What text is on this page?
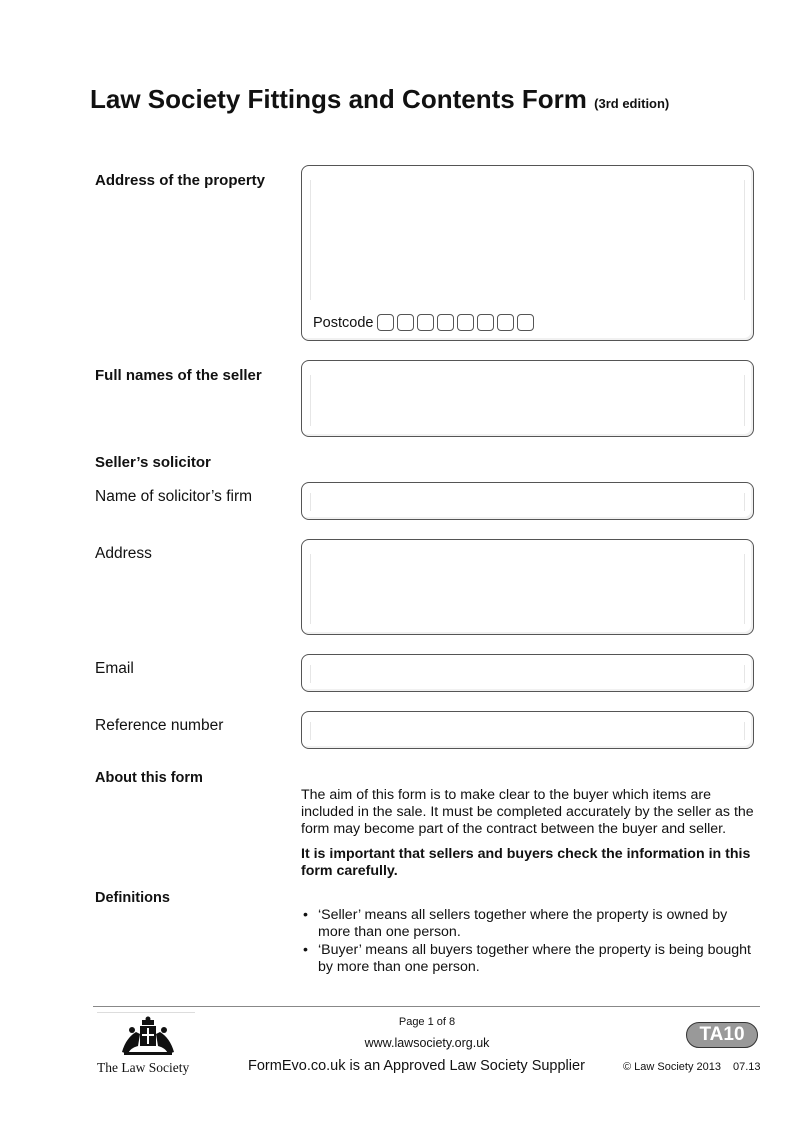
Law Society Fittings and Contents Form (3rd edition)
Address of the property
Postcode
Full names of the seller
Seller’s solicitor
Name of solicitor’s firm
Address
Email
Reference number
About this form
The aim of this form is to make clear to the buyer which items are included in the sale. It must be completed accurately by the seller as the form may become part of the contract between the buyer and seller.
It is important that sellers and buyers check the information in this form carefully.
Definitions
• ‘Seller’ means all sellers together where the property is owned by more than one person.
• ‘Buyer’ means all buyers together where the property is being bought by more than one person.
The Law Society
Page 1 of 8
www.lawsociety.org.uk
FormEvo.co.uk is an Approved Law Society Supplier
TA10
© Law Society 2013 07.13
